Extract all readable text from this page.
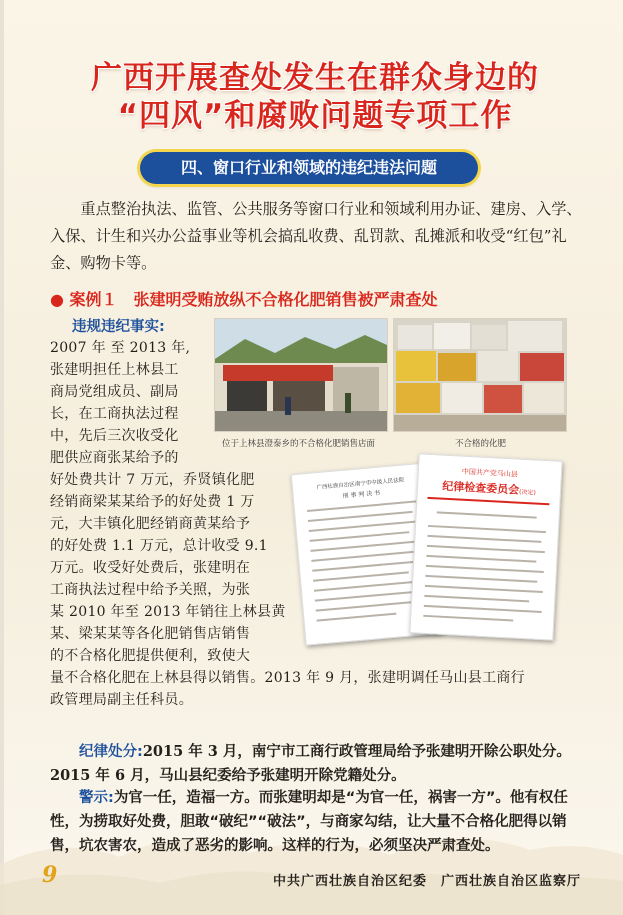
广西开展查处发生在群众身边的
“四风”和腐败问题专项工作
四、窗口行业和领域的违纪违法问题

重点整治执法、监管、公共服务等窗口行业和领域利用办证、建房、入学、入保、计生和兴办公益事业等机会搞乱收费、乱罚款、乱摊派和收受“红包”礼金、购物卡等。

● 案例１　张建明受贿放纵不合格化肥销售被严肃查处
违规违纪事实:
2007 年 至 2013 年,
张建明担任上林县工
商局党组成员、副局
长，在工商执法过程
中，先后三次收受化
肥供应商张某给予的
好处费共计 7 万元，乔贤镇化肥
经销商梁某某给予的好处费 1 万
元，大丰镇化肥经销商黄某给予
的好处费 1.1 万元，总计收受 9.1
万元。收受好处费后，张建明在
工商执法过程中给予关照，为张
某 2010 年至 2013 年销往上林县黄
某、梁某某等各化肥销售店销售
的不合格化肥提供便利，致使大
量不合格化肥在上林县得以销售。2013 年 9 月，张建明调任马山县工商行
政管理局副主任科员。
位于上林县澄泰乡的不合格化肥销售店面	不合格的化肥
广西壮族自治区南宁市中级人民法院
刑 事 判 决 书
中国共产党马山县
纪律检查委员会(决定)

纪律处分:2015 年 3 月，南宁市工商行政管理局给予张建明开除公职处分。2015 年 6 月，马山县纪委给予张建明开除党籍处分。

警示:为官一任，造福一方。而张建明却是“为官一任，祸害一方”。他有权任性，为捞取好处费，胆敢“破纪”“破法”，与商家勾结，让大量不合格化肥得以销售，坑农害农，造成了恶劣的影响。这样的行为，必须坚决严肃查处。

9	中共广西壮族自治区纪委　广西壮族自治区监察厅
